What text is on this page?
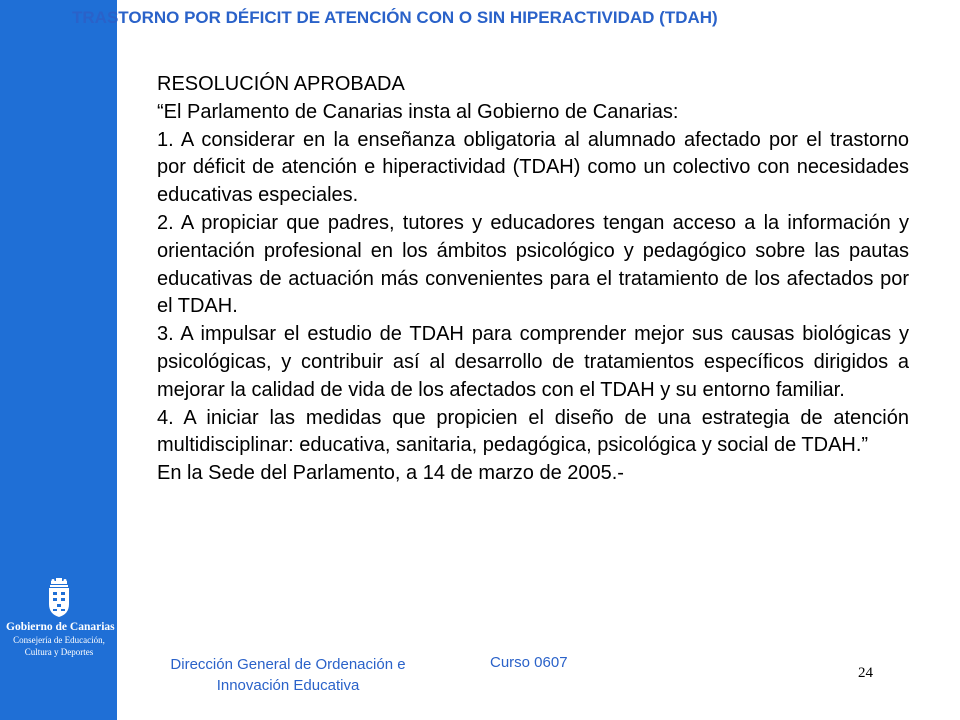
TRASTORNO POR DÉFICIT DE ATENCIÓN CON O SIN HIPERACTIVIDAD (TDAH)

RESOLUCIÓN APROBADA

“El Parlamento de Canarias insta al Gobierno de Canarias:

1. A considerar en la enseñanza obligatoria al alumnado afectado por el trastorno por déficit de atención e hiperactividad (TDAH) como un colectivo con necesidades educativas especiales.

2. A propiciar que padres, tutores y educadores tengan acceso a la información y orientación profesional en los ámbitos psicológico y pedagógico sobre las pautas educativas de actuación más convenientes para el tratamiento de los afectados por el TDAH.

3. A impulsar el estudio de TDAH para comprender mejor sus causas biológicas y psicológicas, y contribuir así al desarrollo de tratamientos específicos dirigidos a mejorar la calidad de vida de los afectados con el TDAH y su entorno familiar.

4. A iniciar las medidas que propicien el diseño de una estrategia de atención multidisciplinar: educativa, sanitaria, pedagógica, psicológica y social de TDAH.”

En la Sede del Parlamento, a 14 de marzo de 2005.-

Gobierno de Canarias
Consejería de Educación,
Cultura y Deportes
Dirección General de Ordenación e
Innovación Educativa
Curso 0607
24
